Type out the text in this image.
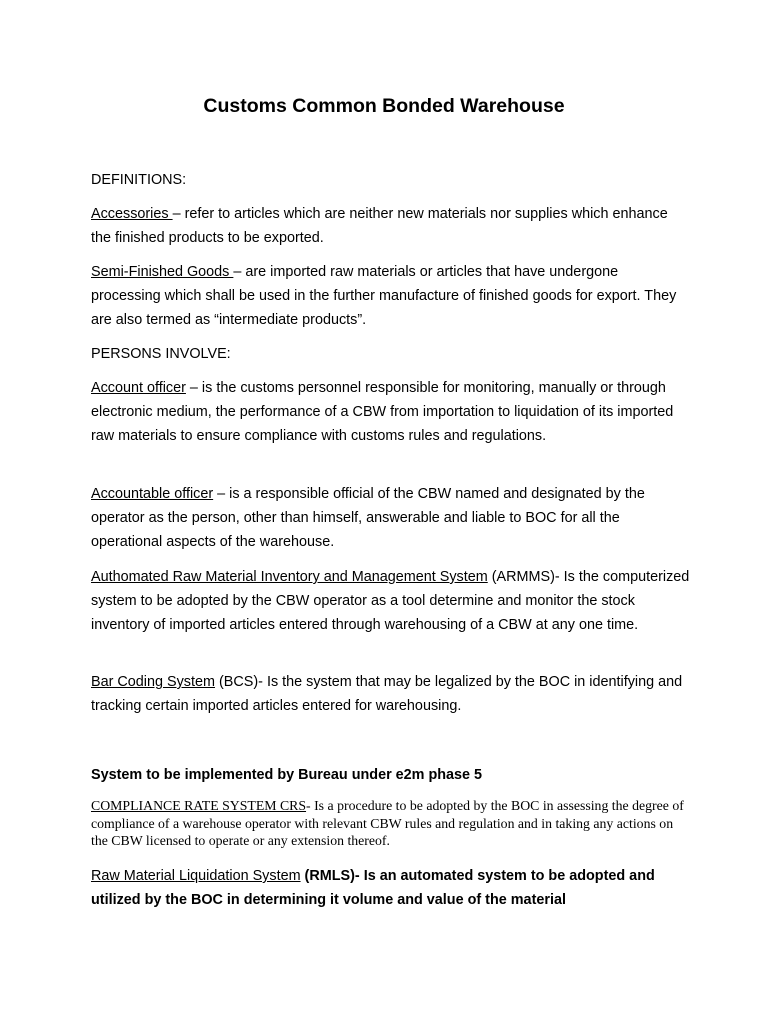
Customs Common Bonded Warehouse

DEFINITIONS:

Accessories – refer to articles which are neither new materials nor supplies which enhance the finished products to be exported.

Semi-Finished Goods – are imported raw materials or articles that have undergone processing which shall be used in the further manufacture of finished goods for export. They are also termed as “intermediate products”.

PERSONS INVOLVE:

Account officer – is the customs personnel responsible for monitoring, manually or through electronic medium, the performance of a CBW from importation to liquidation of its imported raw materials to ensure compliance with customs rules and regulations.

Accountable officer – is a responsible official of the CBW named and designated by the operator as the person, other than himself, answerable and liable to BOC for all the operational aspects of the warehouse.

Authomated Raw Material Inventory and Management System (ARMMS)- Is the computerized system to be adopted by the CBW operator as a tool determine and monitor the stock inventory of imported articles entered through warehousing of a CBW at any one time.

Bar Coding System (BCS)- Is the system that may be legalized by the BOC in identifying and tracking certain imported articles entered for warehousing.

System to be implemented by Bureau under e2m phase 5

COMPLIANCE RATE SYSTEM CRS- Is a procedure to be adopted by the BOC in assessing the degree of compliance of a warehouse operator with relevant CBW rules and regulation and in taking any actions on the CBW licensed to operate or any extension thereof.

Raw Material Liquidation System (RMLS)- Is an automated system to be adopted and utilized by the BOC in determining it volume and value of the material
